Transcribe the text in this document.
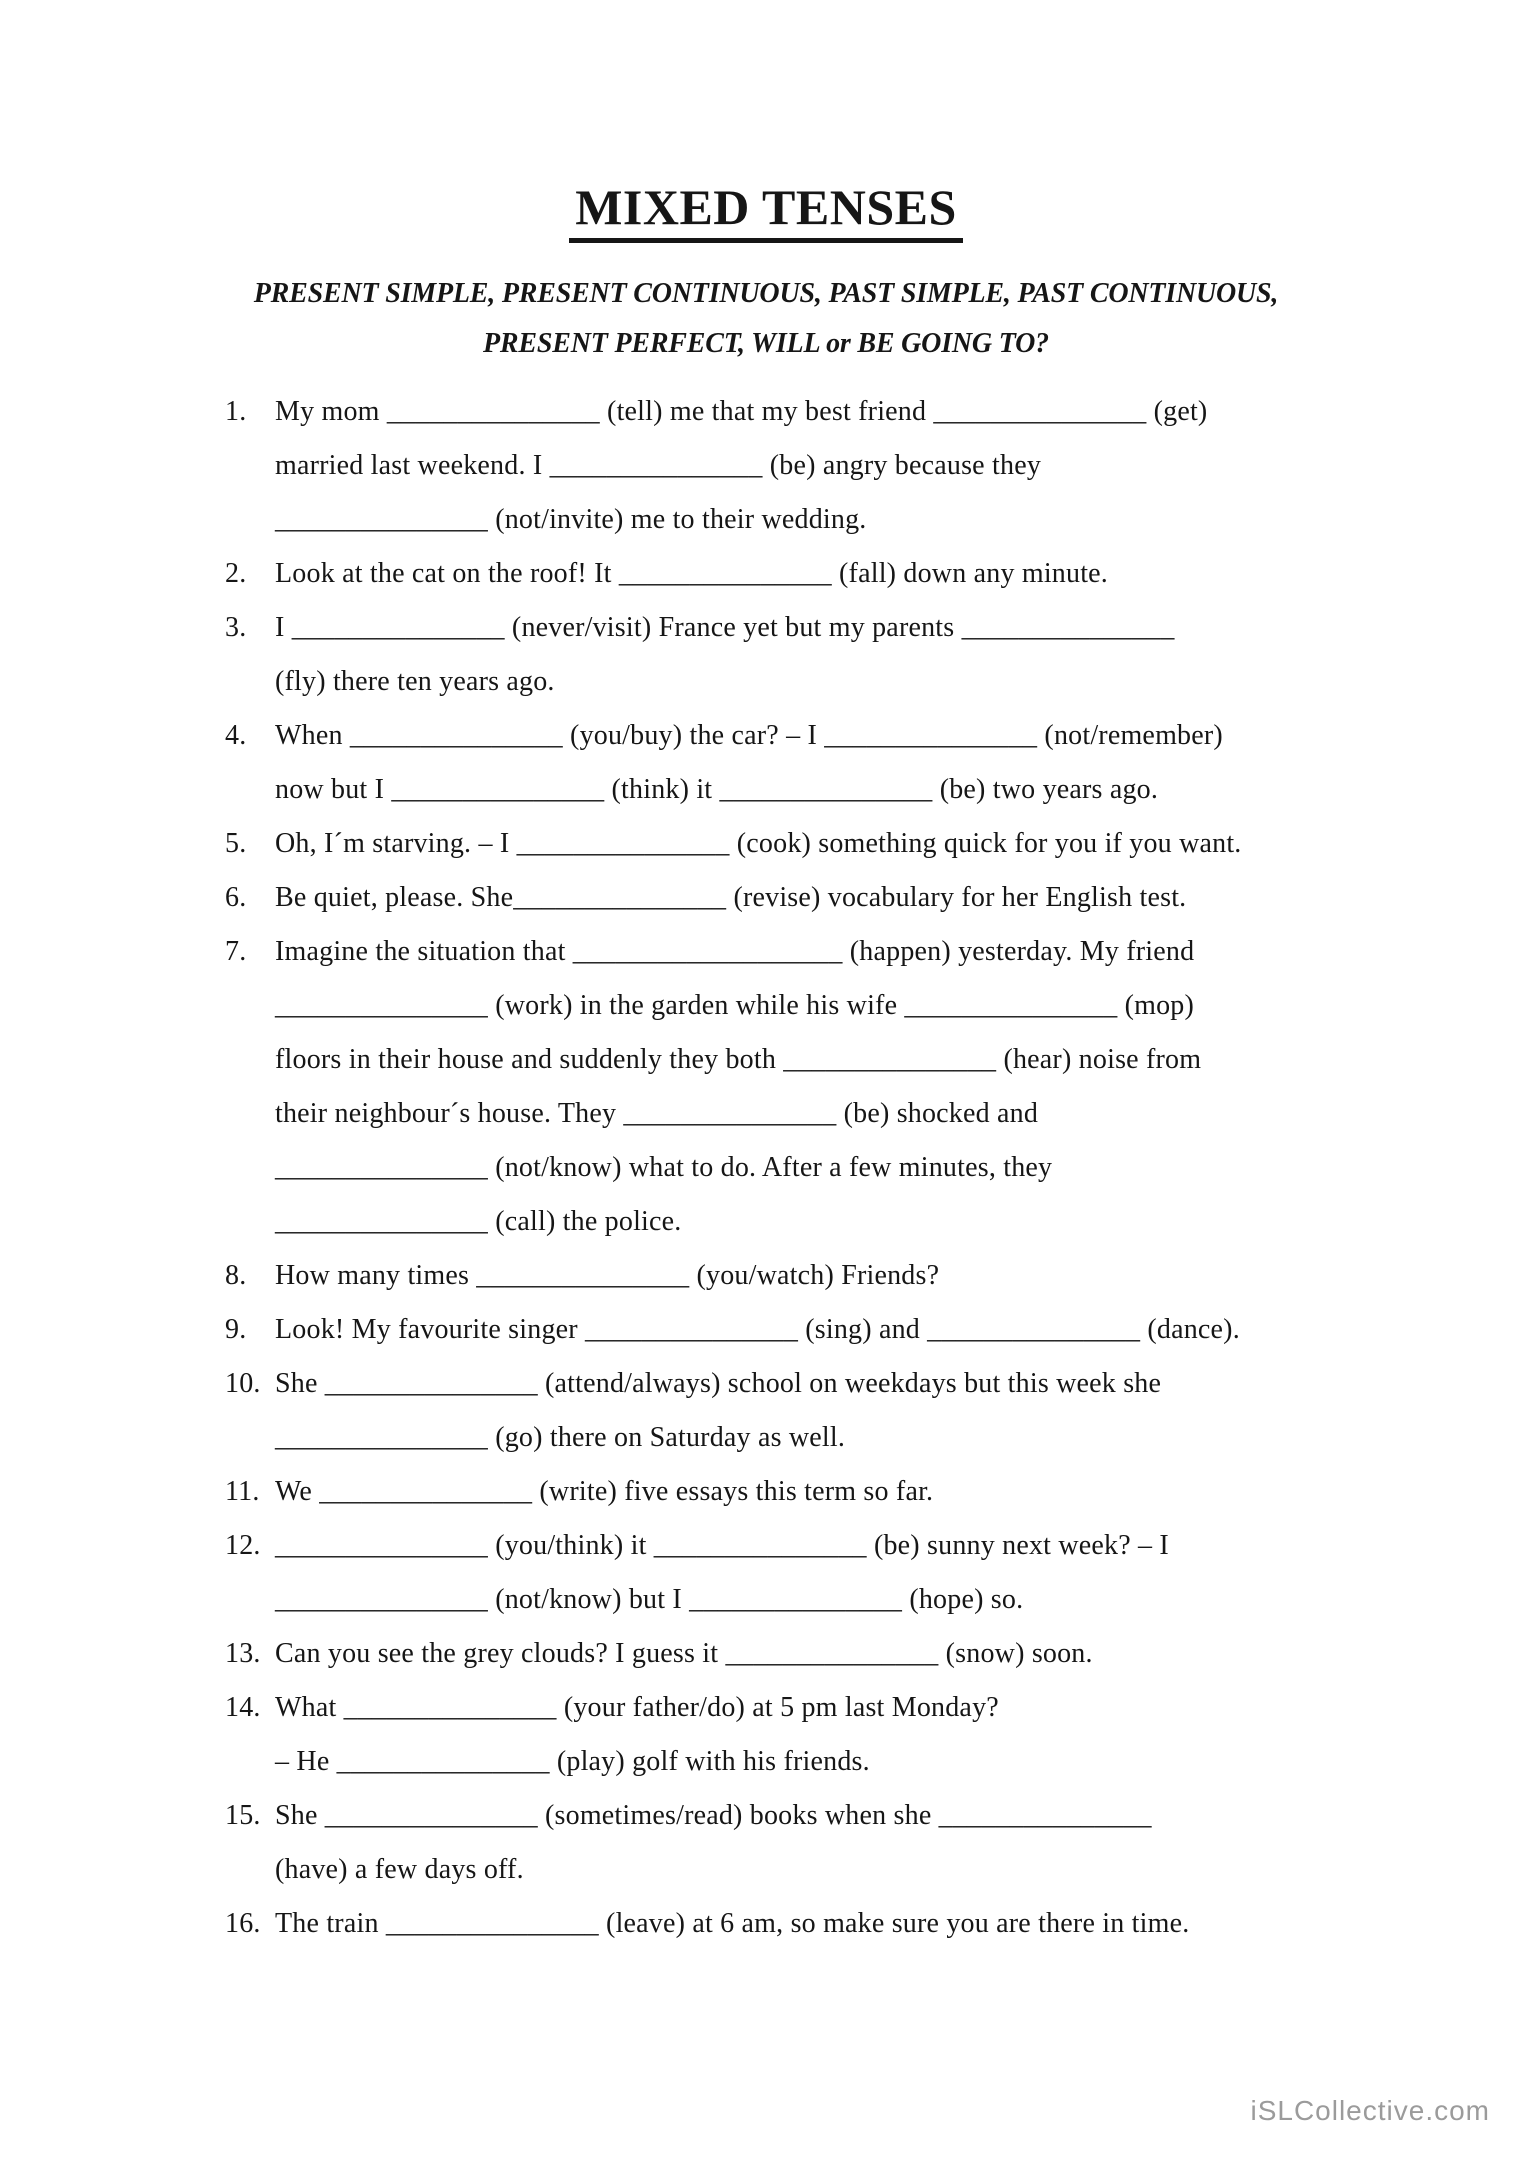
MIXED TENSES
PRESENT SIMPLE, PRESENT CONTINUOUS, PAST SIMPLE, PAST CONTINUOUS,
PRESENT PERFECT, WILL or BE GOING TO?
1.	My mom _______________ (tell) me that my best friend _______________ (get)
married last weekend. I _______________ (be) angry because they
_______________ (not/invite) me to their wedding.
2.	Look at the cat on the roof! It _______________ (fall) down any minute.
3.	I _______________ (never/visit) France yet but my parents _______________
(fly) there ten years ago.
4.	When _______________ (you/buy) the car? – I _______________ (not/remember)
now but I _______________ (think) it _______________ (be) two years ago.
5.	Oh, I´m starving. – I _______________ (cook) something quick for you if you want.
6.	Be quiet, please. She_______________ (revise) vocabulary for her English test.
7.	Imagine the situation that ___________________ (happen) yesterday. My friend
_______________ (work) in the garden while his wife _______________ (mop)
floors in their house and suddenly they both _______________ (hear) noise from
their neighbour´s house. They _______________ (be) shocked and
_______________ (not/know) what to do. After a few minutes, they
_______________ (call) the police.
8.	How many times _______________ (you/watch) Friends?
9.	Look! My favourite singer _______________ (sing) and _______________ (dance).
10. She _______________ (attend/always) school on weekdays but this week she
_______________ (go) there on Saturday as well.
11. We _______________ (write) five essays this term so far.
12. _______________ (you/think) it _______________ (be) sunny next week? – I
_______________ (not/know) but I _______________ (hope) so.
13. Can you see the grey clouds? I guess it _______________ (snow) soon.
14. What _______________ (your father/do) at 5 pm last Monday?
– He _______________ (play) golf with his friends.
15. She _______________ (sometimes/read) books when she _______________
(have) a few days off.
16. The train _______________ (leave) at 6 am, so make sure you are there in time.
iSLCollective.com
